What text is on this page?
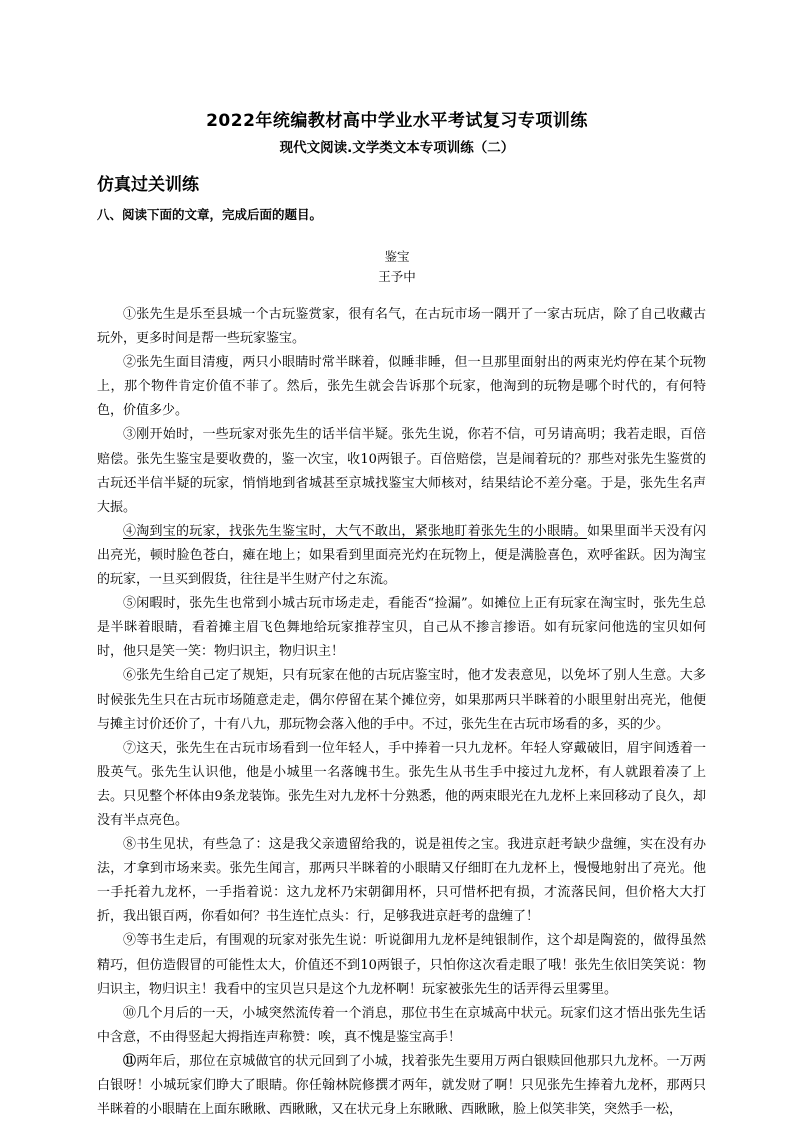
2022年统编教材高中学业水平考试复习专项训练
现代文阅读.文学类文本专项训练（二）
仿真过关训练
八、阅读下面的文章，完成后面的题目。
鉴宝
王予中

①张先生是乐至县城一个古玩鉴赏家，很有名气，在古玩市场一隅开了一家古玩店，除了自己收藏古玩外，更多时间是帮一些玩家鉴宝。

②张先生面目清瘦，两只小眼睛时常半眯着，似睡非睡，但一旦那里面射出的两束光灼停在某个玩物上，那个物件肯定价值不菲了。然后，张先生就会告诉那个玩家，他淘到的玩物是哪个时代的，有何特色，价值多少。

③刚开始时，一些玩家对张先生的话半信半疑。张先生说，你若不信，可另请高明；我若走眼，百倍赔偿。张先生鉴宝是要收费的，鉴一次宝，收10两银子。百倍赔偿，岂是闹着玩的？那些对张先生鉴赏的古玩还半信半疑的玩家，悄悄地到省城甚至京城找鉴宝大师核对，结果结论不差分毫。于是，张先生名声大振。

④淘到宝的玩家，找张先生鉴宝时，大气不敢出，紧张地盯着张先生的小眼睛。如果里面半天没有闪出亮光，顿时脸色苍白，瘫在地上；如果看到里面亮光灼在玩物上，便是满脸喜色，欢呼雀跃。因为淘宝的玩家，一旦买到假货，往往是半生财产付之东流。

⑤闲暇时，张先生也常到小城古玩市场走走，看能否“捡漏”。如摊位上正有玩家在淘宝时，张先生总是半眯着眼睛，看着摊主眉飞色舞地给玩家推荐宝贝，自己从不掺言掺语。如有玩家问他选的宝贝如何时，他只是笑一笑：物归识主，物归识主！

⑥张先生给自己定了规矩，只有玩家在他的古玩店鉴宝时，他才发表意见，以免坏了别人生意。大多时候张先生只在古玩市场随意走走，偶尔停留在某个摊位旁，如果那两只半眯着的小眼里射出亮光，他便与摊主讨价还价了，十有八九，那玩物会落入他的手中。不过，张先生在古玩市场看的多，买的少。

⑦这天，张先生在古玩市场看到一位年轻人，手中捧着一只九龙杯。年轻人穿戴破旧，眉宇间透着一股英气。张先生认识他，他是小城里一名落魄书生。张先生从书生手中接过九龙杯，有人就跟着凑了上去。只见整个杯体由9条龙装饰。张先生对九龙杯十分熟悉，他的两束眼光在九龙杯上来回移动了良久，却没有半点亮色。

⑧书生见状，有些急了：这是我父亲遗留给我的，说是祖传之宝。我进京赶考缺少盘缠，实在没有办法，才拿到市场来卖。张先生闻言，那两只半眯着的小眼睛又仔细盯在九龙杯上，慢慢地射出了亮光。他一手托着九龙杯，一手指着说：这九龙杯乃宋朝御用杯，只可惜杯把有损，才流落民间，但价格大大打折，我出银百两，你看如何？书生连忙点头：行，足够我进京赶考的盘缠了！

⑨等书生走后，有围观的玩家对张先生说：听说御用九龙杯是纯银制作，这个却是陶瓷的，做得虽然精巧，但仿造假冒的可能性太大，价值还不到10两银子，只怕你这次看走眼了哦！张先生依旧笑笑说：物归识主，物归识主！我看中的宝贝岂只是这个九龙杯啊！玩家被张先生的话弄得云里雾里。

⑩几个月后的一天，小城突然流传着一个消息，那位书生在京城高中状元。玩家们这才悟出张先生话中含意，不由得竖起大拇指连声称赞：唉，真不愧是鉴宝高手！

⑪两年后，那位在京城做官的状元回到了小城，找着张先生要用万两白银赎回他那只九龙杯。一万两白银呀！小城玩家们睁大了眼睛。你任翰林院修撰才两年，就发财了啊！只见张先生捧着九龙杯，那两只半眯着的小眼睛在上面东瞅瞅、西瞅瞅，又在状元身上东瞅瞅、西瞅瞅，脸上似笑非笑，突然手一松，
